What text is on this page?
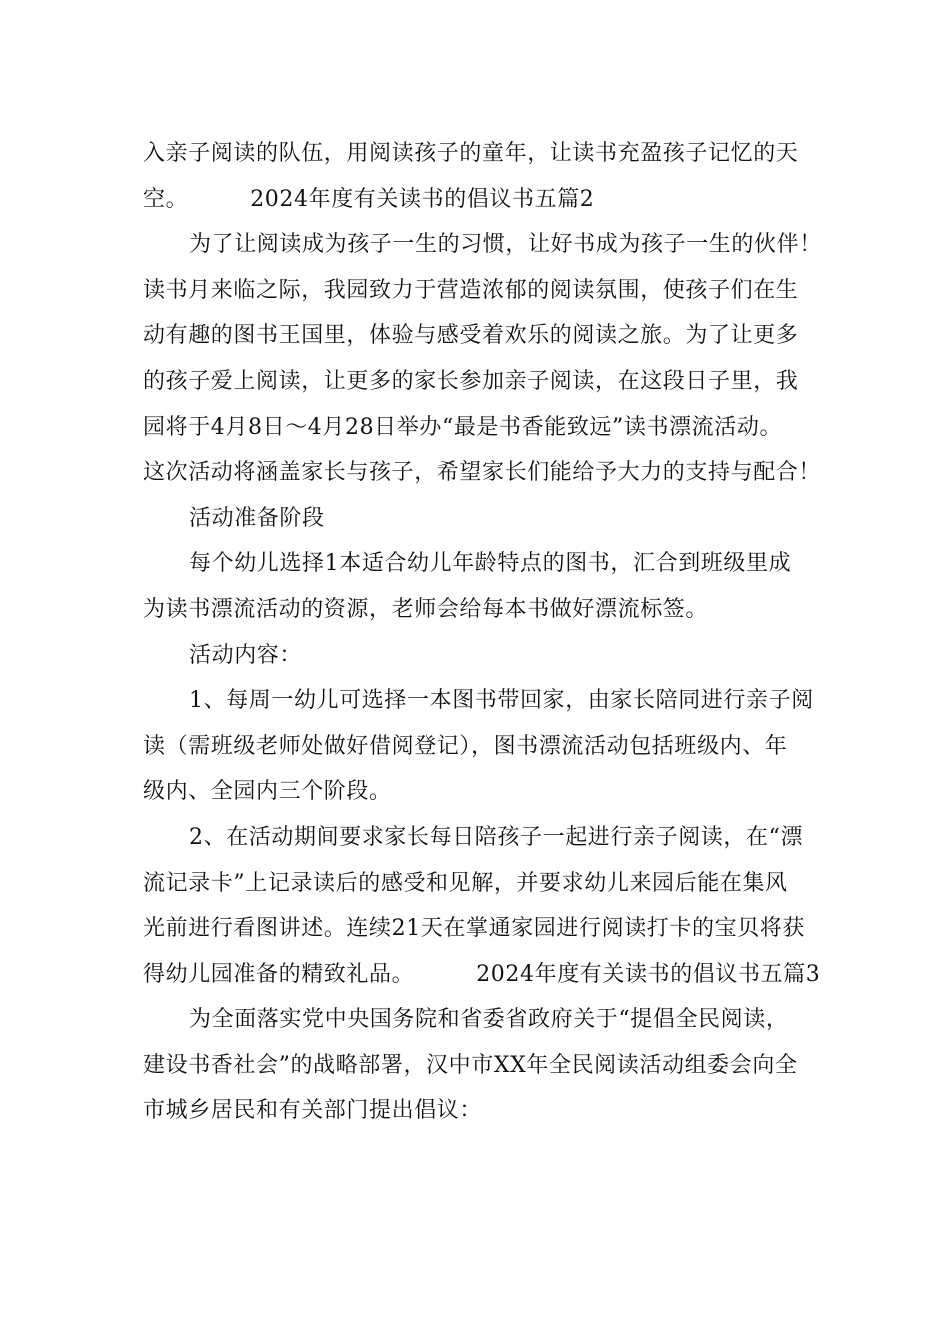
入亲子阅读的队伍，用阅读孩子的童年，让读书充盈孩子记忆的天
空。	2024年度有关读书的倡议书五篇2
为了让阅读成为孩子一生的习惯，让好书成为孩子一生的伙伴！
读书月来临之际，我园致力于营造浓郁的阅读氛围，使孩子们在生
动有趣的图书王国里，体验与感受着欢乐的阅读之旅。为了让更多
的孩子爱上阅读，让更多的家长参加亲子阅读，在这段日子里，我
园将于4月8日～4月28日举办“最是书香能致远”读书漂流活动。
这次活动将涵盖家长与孩子，希望家长们能给予大力的支持与配合！
活动准备阶段
每个幼儿选择1本适合幼儿年龄特点的图书，汇合到班级里成
为读书漂流活动的资源，老师会给每本书做好漂流标签。
活动内容：
1、每周一幼儿可选择一本图书带回家，由家长陪同进行亲子阅
读（需班级老师处做好借阅登记），图书漂流活动包括班级内、年
级内、全园内三个阶段。
2、在活动期间要求家长每日陪孩子一起进行亲子阅读，在“漂
流记录卡”上记录读后的感受和见解，并要求幼儿来园后能在集风
光前进行看图讲述。连续21天在掌通家园进行阅读打卡的宝贝将获
得幼儿园准备的精致礼品。	2024年度有关读书的倡议书五篇3
为全面落实党中央国务院和省委省政府关于“提倡全民阅读，
建设书香社会”的战略部署，汉中市XX年全民阅读活动组委会向全
市城乡居民和有关部门提出倡议：
